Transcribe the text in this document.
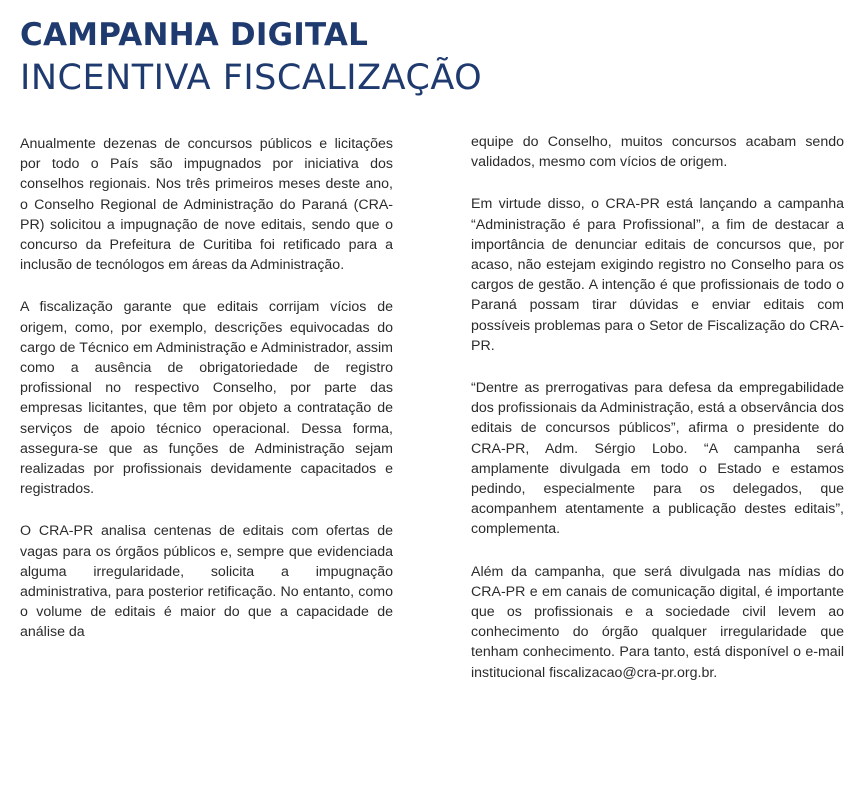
CAMPANHA DIGITAL
INCENTIVA FISCALIZAÇÃO

Anualmente dezenas de concursos públicos e licitações por todo o País são impugnados por iniciativa dos conselhos regionais. Nos três primeiros meses deste ano, o Conselho Regional de Administração do Paraná (CRA-PR) solicitou a impugnação de nove editais, sendo que o concurso da Prefeitura de Curitiba foi retificado para a inclusão de tecnólogos em áreas da Administração.

A fiscalização garante que editais corrijam vícios de origem, como, por exemplo, descrições equivocadas do cargo de Técnico em Administração e Administrador, assim como a ausência de obrigatoriedade de registro profissional no respectivo Conselho, por parte das empresas licitantes, que têm por objeto a contratação de serviços de apoio técnico operacional. Dessa forma, assegura-se que as funções de Administração sejam realizadas por profissionais devidamente capacitados e registrados.

O CRA-PR analisa centenas de editais com ofertas de vagas para os órgãos públicos e, sempre que evidenciada alguma irregularidade, solicita a impugnação administrativa, para posterior retificação. No entanto, como o volume de editais é maior do que a capacidade de análise da

equipe do Conselho, muitos concursos acabam sendo validados, mesmo com vícios de origem.

Em virtude disso, o CRA-PR está lançando a campanha “Administração é para Profissional”, a fim de destacar a importância de denunciar editais de concursos que, por acaso, não estejam exigindo registro no Conselho para os cargos de gestão. A intenção é que profissionais de todo o Paraná possam tirar dúvidas e enviar editais com possíveis problemas para o Setor de Fiscalização do CRA-PR.

“Dentre as prerrogativas para defesa da empregabilidade dos profissionais da Administração, está a observância dos editais de concursos públicos”, afirma o presidente do CRA-PR, Adm. Sérgio Lobo. “A campanha será amplamente divulgada em todo o Estado e estamos pedindo, especialmente para os delegados, que acompanhem atentamente a publicação destes editais”, complementa.

Além da campanha, que será divulgada nas mídias do CRA-PR e em canais de comunicação digital, é importante que os profissionais e a sociedade civil levem ao conhecimento do órgão qualquer irregularidade que tenham conhecimento. Para tanto, está disponível o e-mail institucional fiscalizacao@cra-pr.org.br.
